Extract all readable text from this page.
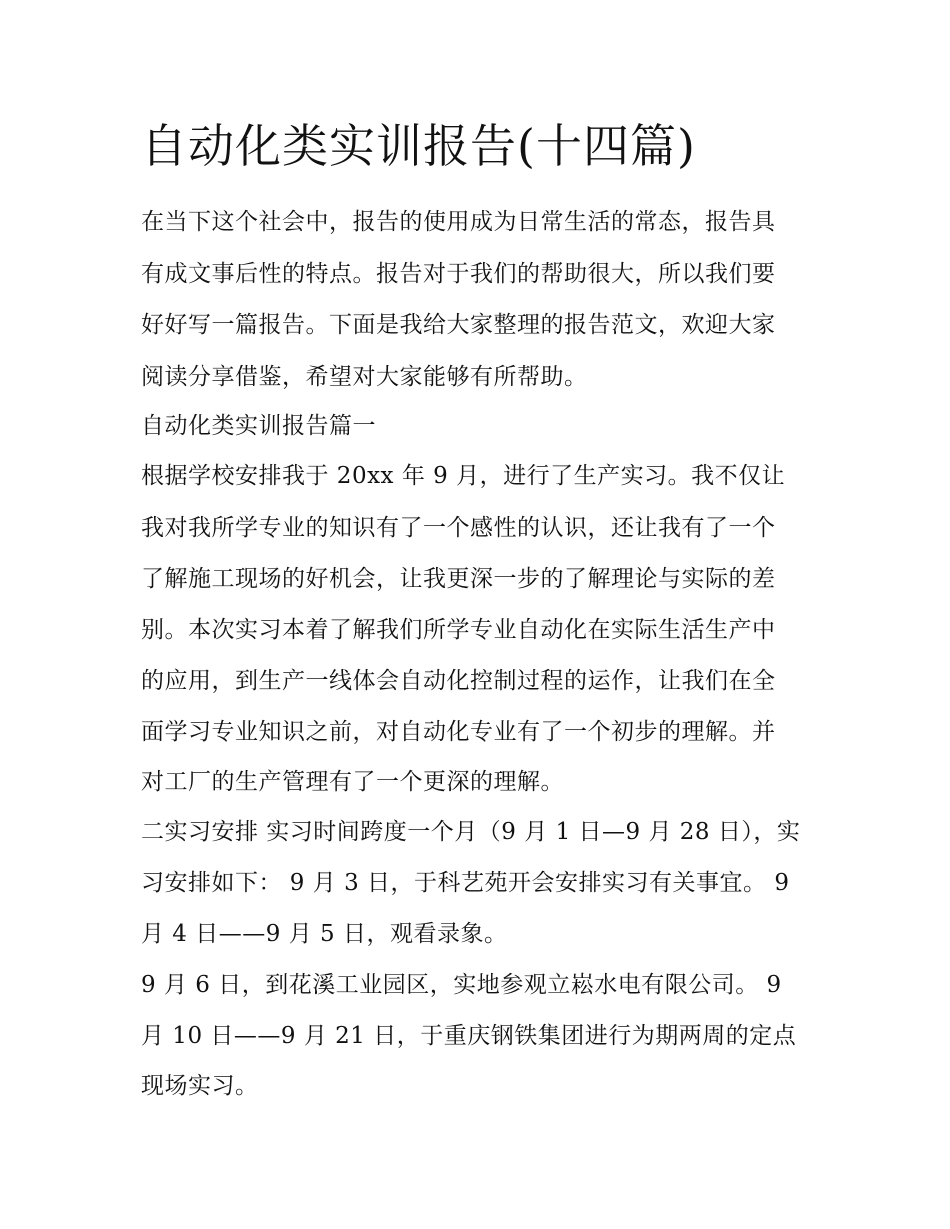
自动化类实训报告(十四篇)

在当下这个社会中，报告的使用成为日常生活的常态，报告具

有成文事后性的特点。报告对于我们的帮助很大，所以我们要

好好写一篇报告。下面是我给大家整理的报告范文，欢迎大家

阅读分享借鉴，希望对大家能够有所帮助。

自动化类实训报告篇一

根据学校安排我于 20xx 年 9 月，进行了生产实习。我不仅让

我对我所学专业的知识有了一个感性的认识，还让我有了一个

了解施工现场的好机会，让我更深一步的了解理论与实际的差

别。本次实习本着了解我们所学专业自动化在实际生活生产中

的应用，到生产一线体会自动化控制过程的运作，让我们在全

面学习专业知识之前，对自动化专业有了一个初步的理解。并

对工厂的生产管理有了一个更深的理解。

二实习安排 实习时间跨度一个月（9 月 1 日—9 月 28 日），实

习安排如下： 9 月 3 日，于科艺苑开会安排实习有关事宜。 9

月 4 日——9 月 5 日，观看录象。

9 月 6 日，到花溪工业园区，实地参观立崧水电有限公司。 9

月 10 日——9 月 21 日，于重庆钢铁集团进行为期两周的定点

现场实习。
